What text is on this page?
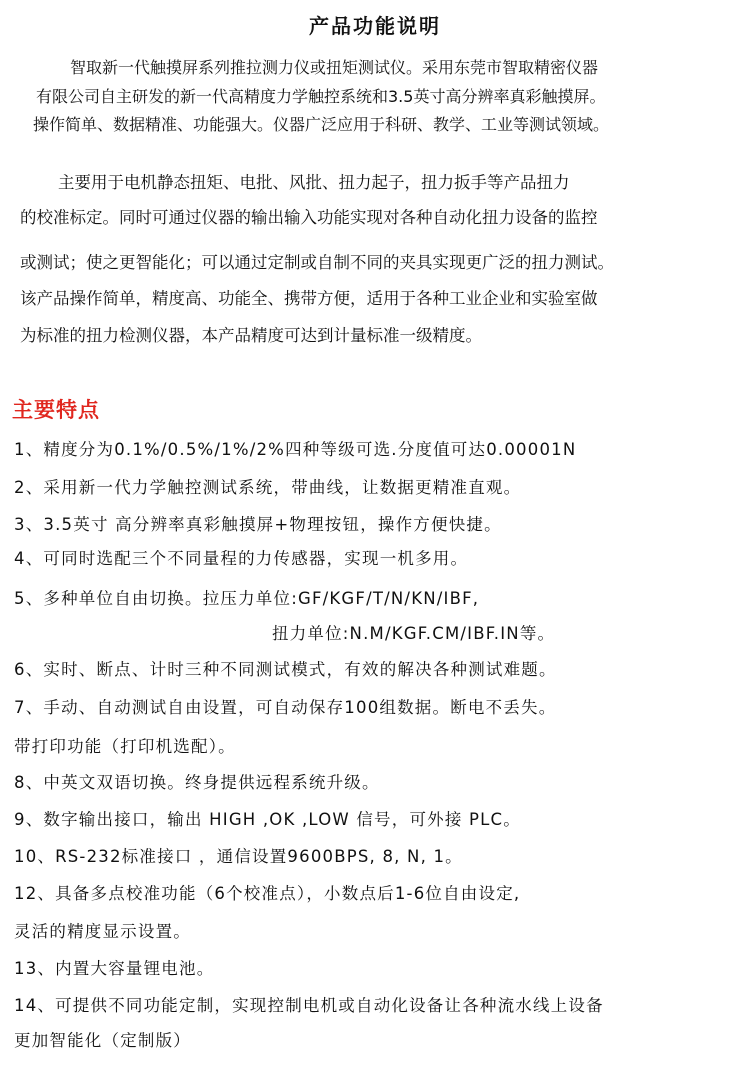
产品功能说明
智取新一代触摸屏系列推拉测力仪或扭矩测试仪。采用东莞市智取精密仪器
有限公司自主研发的新一代高精度力学触控系统和3.5英寸高分辨率真彩触摸屏。
操作简单、数据精准、功能强大。仪器广泛应用于科研、教学、工业等测试领域。
主要用于电机静态扭矩、电批、风批、扭力起子，扭力扳手等产品扭力
的校准标定。同时可通过仪器的输出输入功能实现对各种自动化扭力设备的监控
或测试；使之更智能化；可以通过定制或自制不同的夹具实现更广泛的扭力测试。
该产品操作简单，精度高、功能全、携带方便，适用于各种工业企业和实验室做
为标准的扭力检测仪器，本产品精度可达到计量标准一级精度。
主要特点
1、精度分为0.1%/0.5%/1%/2%四种等级可选.分度值可达0.00001N
2、采用新一代力学触控测试系统，带曲线，让数据更精准直观。
3、3.5英寸 高分辨率真彩触摸屏+物理按钮，操作方便快捷。
4、可同时选配三个不同量程的力传感器，实现一机多用。
5、多种单位自由切换。拉压力单位:GF/KGF/T/N/KN/IBF,
扭力单位:N.M/KGF.CM/IBF.IN等。
6、实时、断点、计时三种不同测试模式，有效的解决各种测试难题。
7、手动、自动测试自由设置，可自动保存100组数据。断电不丢失。
带打印功能（打印机选配）。
8、中英文双语切换。终身提供远程系统升级。
9、数字输出接口，输出 HIGH ,OK ,LOW 信号，可外接 PLC。
10、RS-232标准接口 ，通信设置9600BPS, 8, N, 1。
12、具备多点校准功能（6个校准点），小数点后1-6位自由设定,
灵活的精度显示设置。
13、内置大容量锂电池。
14、可提供不同功能定制，实现控制电机或自动化设备让各种流水线上设备
更加智能化（定制版）
